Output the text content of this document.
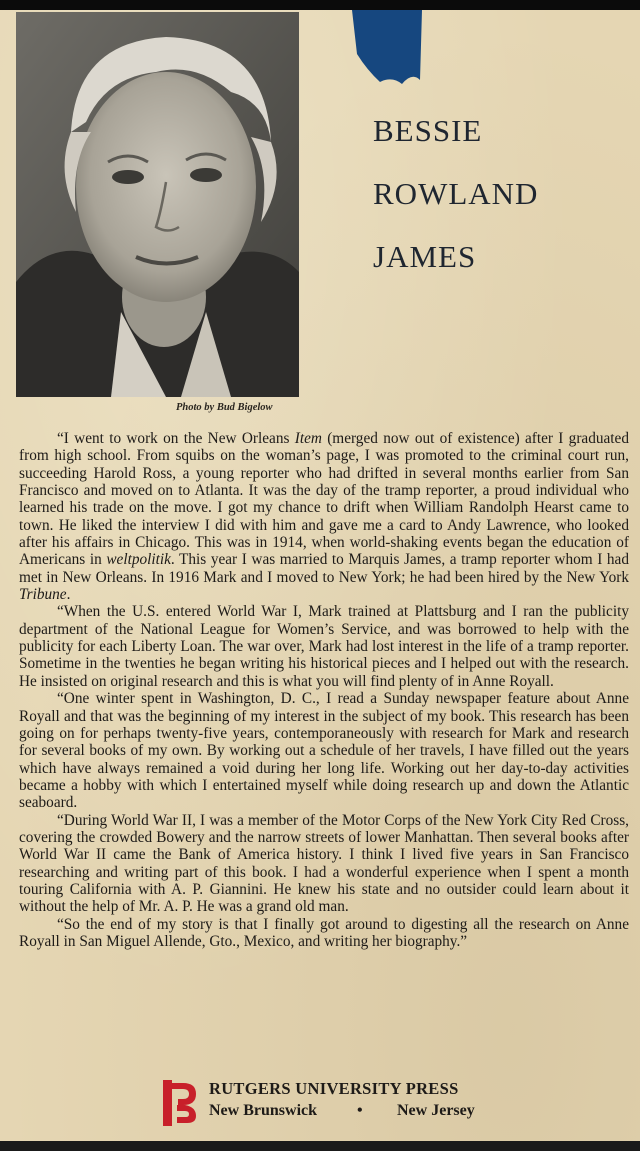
BESSIE
ROWLAND
JAMES
Photo by Bud Bigelow

“I went to work on the New Orleans Item (merged now out of existence) after I graduated from high school. From squibs on the woman’s page, I was promoted to the criminal court run, succeeding Harold Ross, a young reporter who had drifted in several months earlier from San Francisco and moved on to Atlanta. It was the day of the tramp reporter, a proud individual who learned his trade on the move. I got my chance to drift when William Randolph Hearst came to town. He liked the interview I did with him and gave me a card to Andy Lawrence, who looked after his affairs in Chicago. This was in 1914, when world-shaking events began the education of Americans in weltpolitik. This year I was married to Marquis James, a tramp reporter whom I had met in New Orleans. In 1916 Mark and I moved to New York; he had been hired by the New York Tribune.

“When the U.S. entered World War I, Mark trained at Plattsburg and I ran the publicity department of the National League for Women’s Service, and was borrowed to help with the publicity for each Liberty Loan. The war over, Mark had lost interest in the life of a tramp reporter. Sometime in the twenties he began writing his historical pieces and I helped out with the research. He insisted on original research and this is what you will find plenty of in Anne Royall.

“One winter spent in Washington, D. C., I read a Sunday newspaper feature about Anne Royall and that was the beginning of my interest in the subject of my book. This research has been going on for perhaps twenty-five years, contemporaneously with research for Mark and research for several books of my own. By working out a schedule of her travels, I have filled out the years which have always remained a void during her long life. Working out her day-to-day activities became a hobby with which I entertained myself while doing research up and down the Atlantic seaboard.

“During World War II, I was a member of the Motor Corps of the New York City Red Cross, covering the crowded Bowery and the narrow streets of lower Manhattan. Then several books after World War II came the Bank of America history. I think I lived five years in San Francisco researching and writing part of this book. I had a wonderful experience when I spent a month touring California with A. P. Giannini. He knew his state and no outsider could learn about it without the help of Mr. A. P. He was a grand old man.

“So the end of my story is that I finally got around to digesting all the research on Anne Royall in San Miguel Allende, Gto., Mexico, and writing her biography.”

RUTGERS UNIVERSITY PRESS
New Brunswick • New Jersey
